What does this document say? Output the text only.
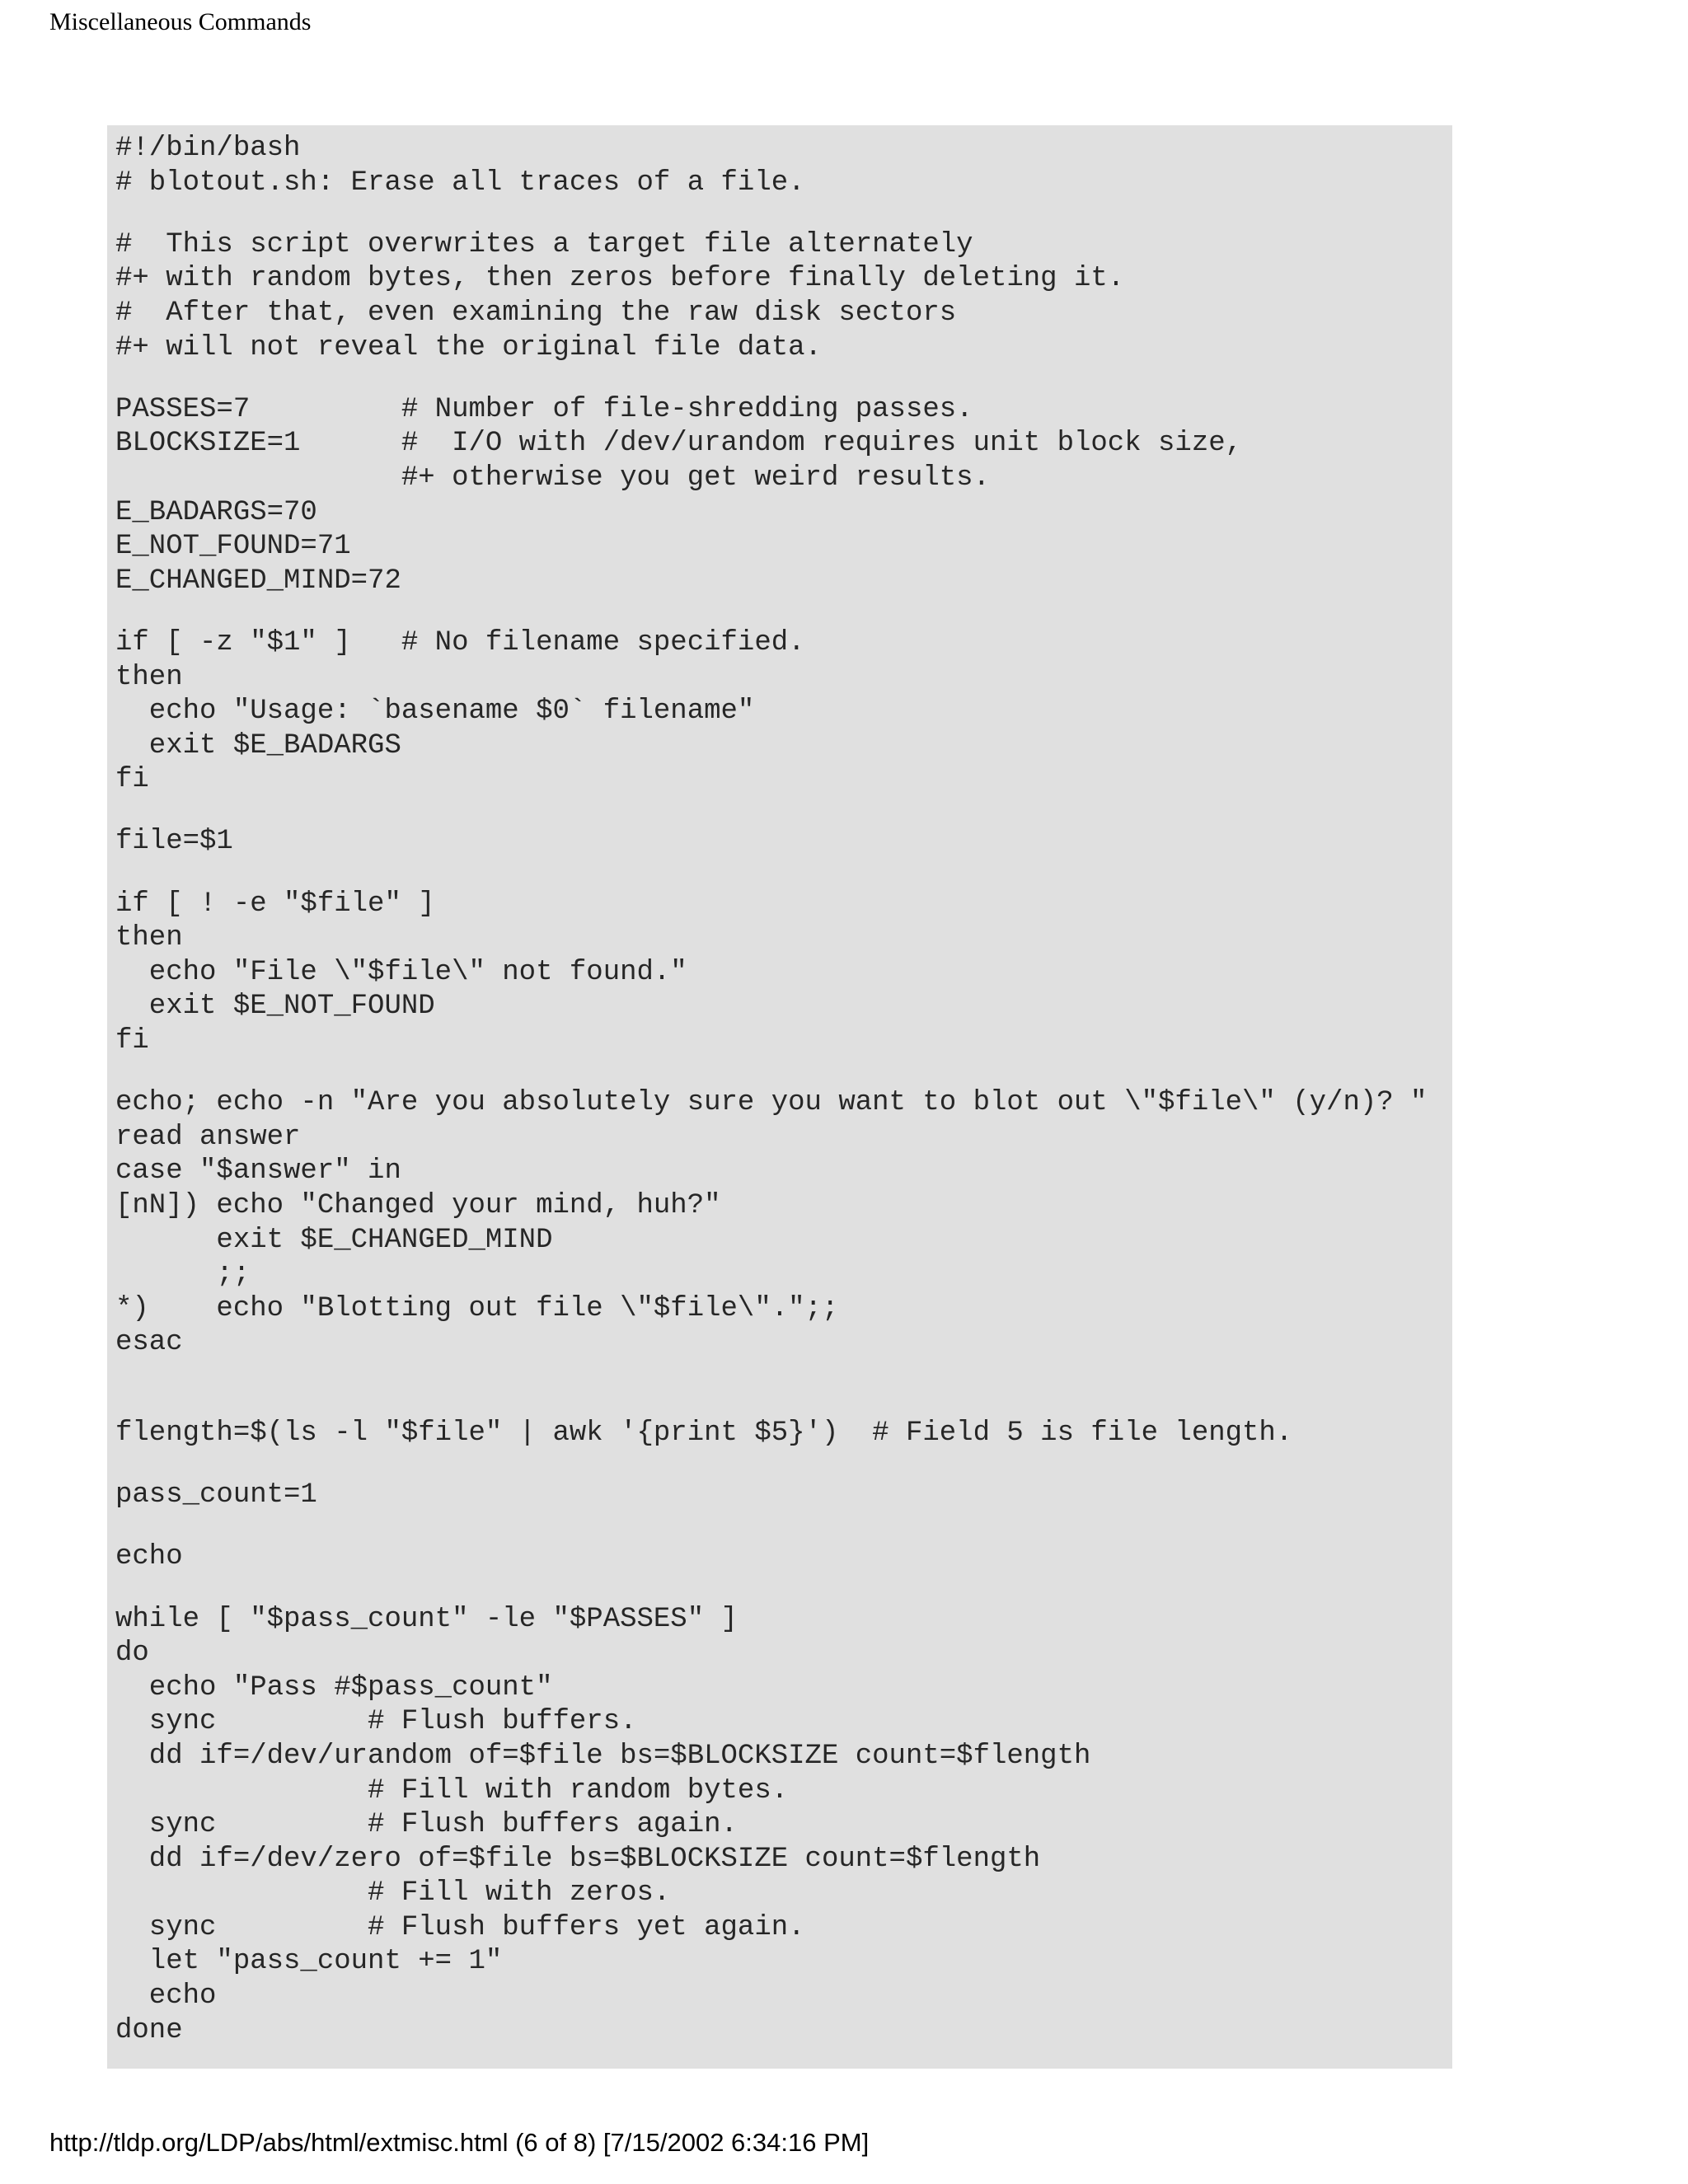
Miscellaneous Commands
#!/bin/bash
# blotout.sh: Erase all traces of a file.
#  This script overwrites a target file alternately
#+ with random bytes, then zeros before finally deleting it.
#  After that, even examining the raw disk sectors
#+ will not reveal the original file data.
PASSES=7         # Number of file-shredding passes.
BLOCKSIZE=1      #  I/O with /dev/urandom requires unit block size,
#+ otherwise you get weird results.
E_BADARGS=70
E_NOT_FOUND=71
E_CHANGED_MIND=72
if [ -z "$1" ]   # No filename specified.
then
echo "Usage: `basename $0` filename"
exit $E_BADARGS
fi
file=$1
if [ ! -e "$file" ]
then
echo "File \"$file\" not found."
exit $E_NOT_FOUND
fi
echo; echo -n "Are you absolutely sure you want to blot out \"$file\" (y/n)? "
read answer
case "$answer" in
[nN]) echo "Changed your mind, huh?"
exit $E_CHANGED_MIND
;;
*)    echo "Blotting out file \"$file\".";;
esac
flength=$(ls -l "$file" | awk '{print $5}')  # Field 5 is file length.
pass_count=1
echo
while [ "$pass_count" -le "$PASSES" ]
do
echo "Pass #$pass_count"
sync         # Flush buffers.
dd if=/dev/urandom of=$file bs=$BLOCKSIZE count=$flength
# Fill with random bytes.
sync         # Flush buffers again.
dd if=/dev/zero of=$file bs=$BLOCKSIZE count=$flength
# Fill with zeros.
sync         # Flush buffers yet again.
let "pass_count += 1"
echo
done
http://tldp.org/LDP/abs/html/extmisc.html (6 of 8) [7/15/2002 6:34:16 PM]
